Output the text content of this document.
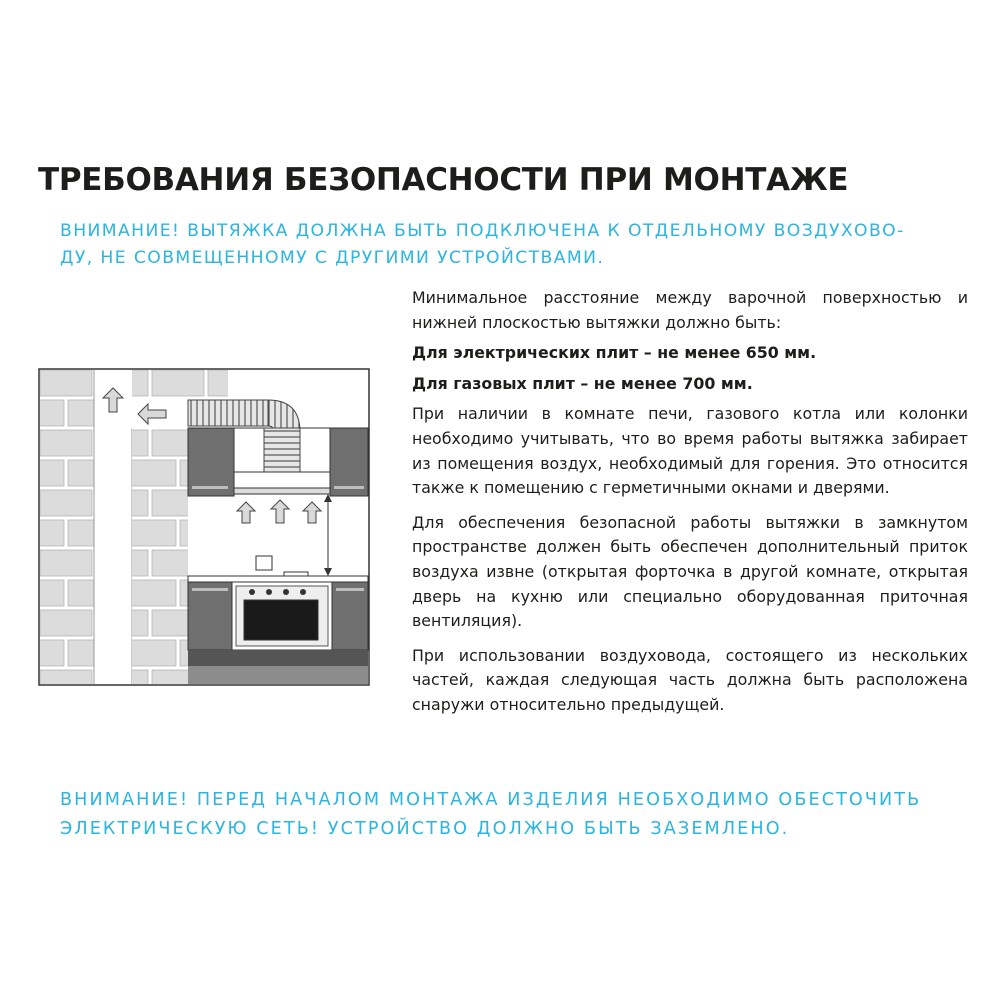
ТРЕБОВАНИЯ БЕЗОПАСНОСТИ ПРИ МОНТАЖЕ
ВНИМАНИЕ! ВЫТЯЖКА ДОЛЖНА БЫТЬ ПОДКЛЮЧЕНА К ОТДЕЛЬНОМУ ВОЗДУХОВО-
ДУ, НЕ СОВМЕЩЕННОМУ С ДРУГИМИ УСТРОЙСТВАМИ.

Минимальное расстояние между варочной поверхностью и нижней плоскостью вытяжки должно быть:

Для электрических плит – не менее 650 мм.

Для газовых плит – не менее 700 мм.

При наличии в комнате печи, газового котла или колонки необходимо учитывать, что во время работы вытяжка забирает из помещения воздух, необходимый для горения. Это относится также к помещению с герметичными окнами и дверями.

Для обеспечения безопасной работы вытяжки в замкнутом пространстве должен быть обеспечен дополнительный приток воздуха извне (открытая форточка в другой комнате, открытая дверь на кухню или специально оборудованная приточная вентиляция).

При использовании воздуховода, состоящего из нескольких частей, каждая следующая часть должна быть расположена снаружи относительно предыдущей.

ВНИМАНИЕ! ПЕРЕД НАЧАЛОМ МОНТАЖА ИЗДЕЛИЯ НЕОБХОДИМО ОБЕСТОЧИТЬ
ЭЛЕКТРИЧЕСКУЮ СЕТЬ! УСТРОЙСТВО ДОЛЖНО БЫТЬ ЗАЗЕМЛЕНО.
